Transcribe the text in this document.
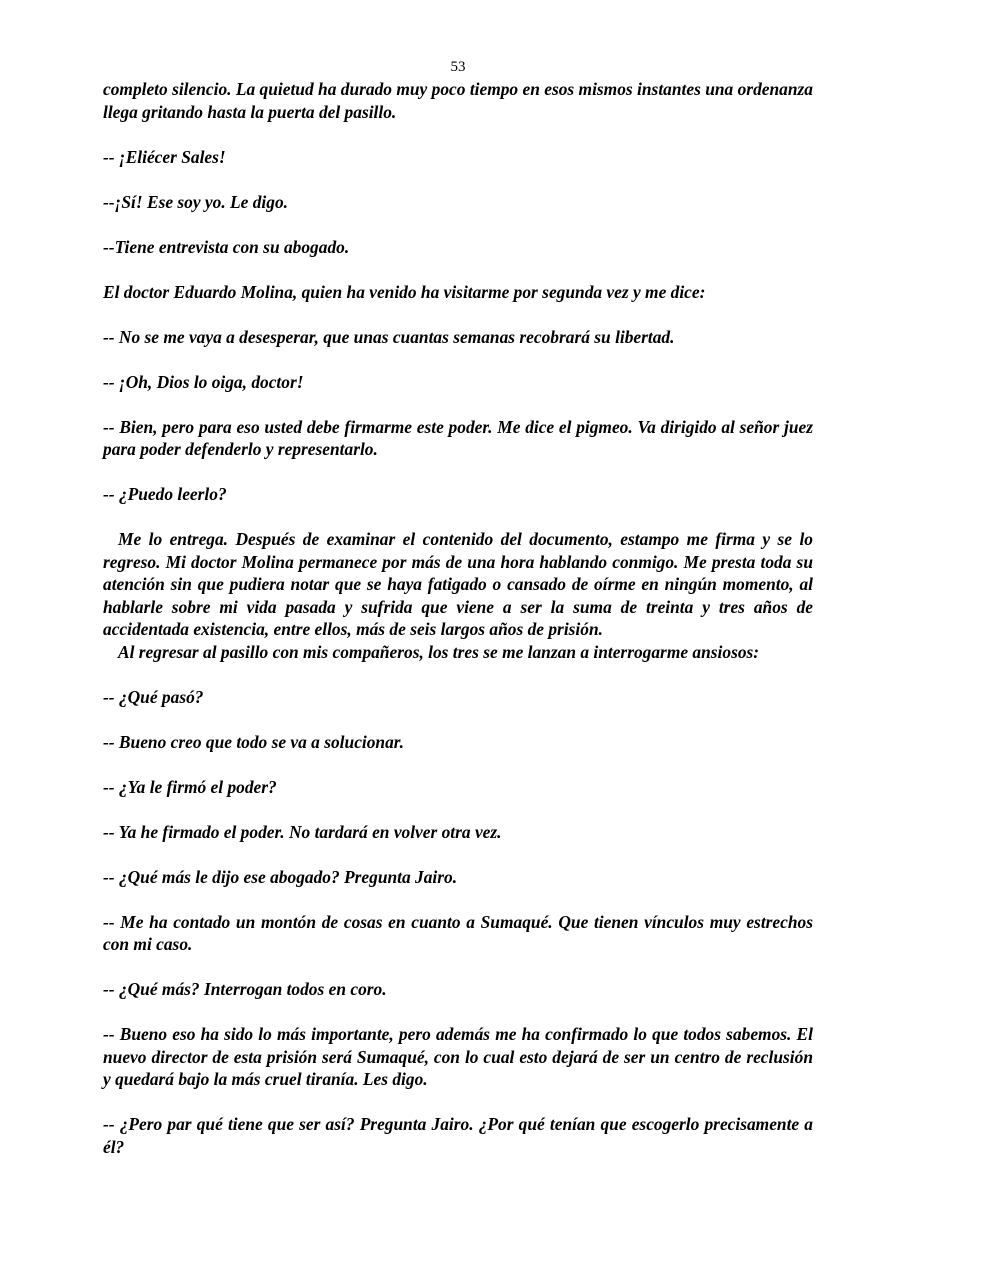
53

completo silencio. La quietud ha durado muy poco tiempo en esos mismos instantes una ordenanza llega gritando hasta la puerta del pasillo.

-- ¡Eliécer Sales!

--¡Sí! Ese soy yo. Le digo.

--Tiene entrevista con su abogado.

El doctor Eduardo Molina, quien ha venido ha visitarme por segunda vez y me dice:

-- No se me vaya a desesperar, que unas cuantas semanas recobrará su libertad.

-- ¡Oh, Dios lo oiga, doctor!

-- Bien, pero para eso usted debe firmarme este poder. Me dice el pigmeo. Va dirigido al señor juez para poder defenderlo y representarlo.

-- ¿Puedo leerlo?

Me lo entrega. Después de examinar el contenido del documento, estampo me firma y se lo regreso. Mi doctor Molina permanece por más de una hora hablando conmigo. Me presta toda su atención sin que pudiera notar que se haya fatigado o cansado de oírme en ningún momento, al hablarle sobre mi vida pasada y sufrida que viene a ser la suma de treinta y tres años de accidentada existencia, entre ellos, más de seis largos años de prisión.

Al regresar al pasillo con mis compañeros, los tres se me lanzan a interrogarme ansiosos:

-- ¿Qué pasó?

-- Bueno creo que todo se va a solucionar.

-- ¿Ya le firmó el poder?

-- Ya he firmado el poder. No tardará en volver otra vez.

-- ¿Qué más le dijo ese abogado? Pregunta Jairo.

-- Me ha contado un montón de cosas en cuanto a Sumaqué. Que tienen vínculos muy estrechos con mi caso.

-- ¿Qué más? Interrogan todos en coro.

-- Bueno eso ha sido lo más importante, pero además me ha confirmado lo que todos sabemos. El nuevo director de esta prisión será Sumaqué, con lo cual esto dejará de ser un centro de reclusión y quedará bajo la más cruel tiranía. Les digo.

-- ¿Pero par qué tiene que ser así? Pregunta Jairo. ¿Por qué tenían que escogerlo precisamente a él?
